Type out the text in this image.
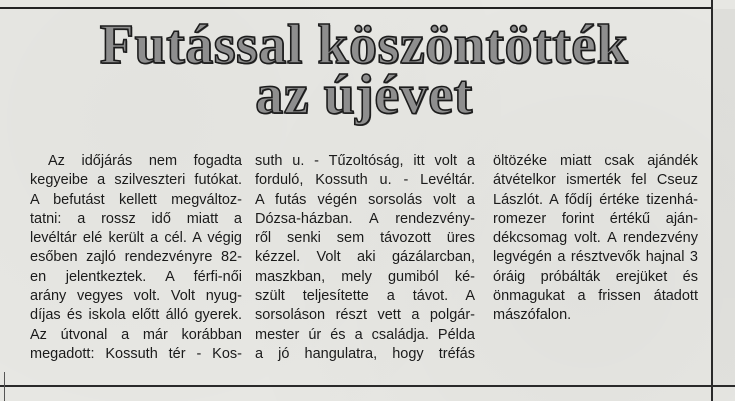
Futással köszöntötték
az újévet
Az időjárás nem fogadta
kegyeibe a szilveszteri futókat.
A befutást kellett megváltoz-
tatni: a rossz idő miatt a
levéltár elé került a cél. A végig
esőben zajló rendezvényre 82-
en jelentkeztek. A férfi-női
arány vegyes volt. Volt nyug-
díjas és iskola előtt álló gyerek.
Az útvonal a már korábban
megadott: Kossuth tér - Kos-
suth u. - Tűzoltóság, itt volt a
forduló, Kossuth u. - Levéltár.
A futás végén sorsolás volt a
Dózsa-házban. A rendezvény-
ről senki sem távozott üres
kézzel. Volt aki gázálarcban,
maszkban, mely gumiból ké-
szült teljesítette a távot. A
sorsoláson részt vett a polgár-
mester úr és a családja. Példa
a jó hangulatra, hogy tréfás
öltözéke miatt csak ajándék
átvételkor ismerték fel Cseuz
Lászlót. A fődíj értéke tizenhá-
romezer forint értékű aján-
dékcsomag volt. A rendezvény
legvégén a résztvevők hajnal 3
óráig próbálták erejüket és
önmagukat a frissen átadott
mászófalon.
